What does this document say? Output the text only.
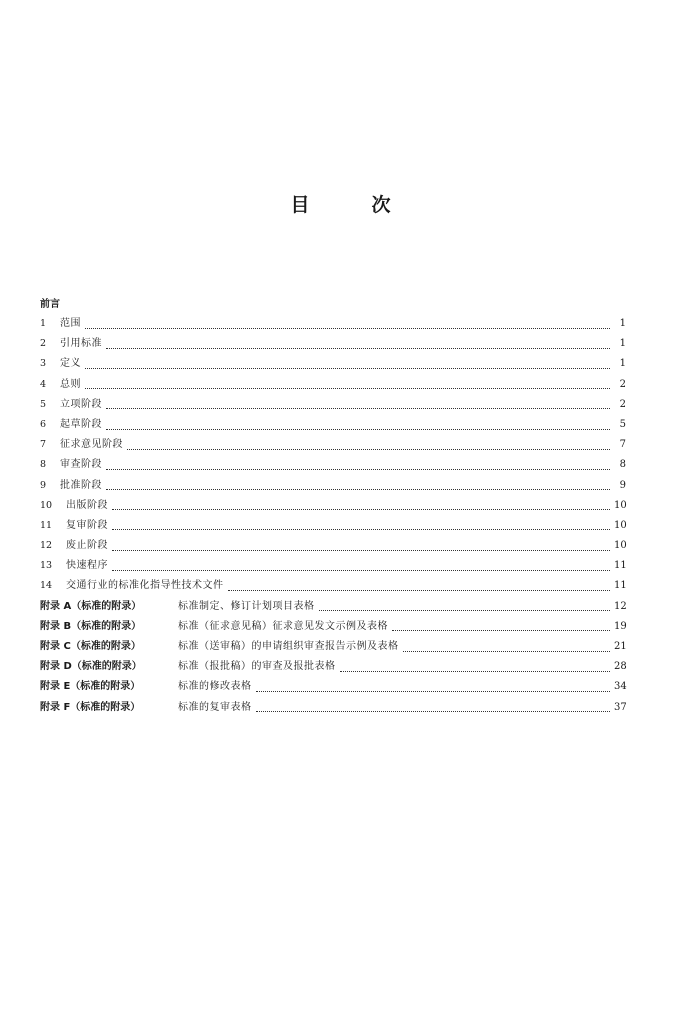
目	次
前言
1	范围	1
2	引用标准	1
3	定义	1
4	总则	2
5	立项阶段	2
6	起草阶段	5
7	征求意见阶段	7
8	审查阶段	8
9	批准阶段	9
10	出版阶段	10
11	复审阶段	10
12	废止阶段	10
13	快速程序	11
14	交通行业的标准化指导性技术文件	11
附录 A（标准的附录）	标准制定、修订计划项目表格	12
附录 B（标准的附录）	标准（征求意见稿）征求意见发文示例及表格	19
附录 C（标准的附录）	标准（送审稿）的申请组织审查报告示例及表格	21
附录 D（标准的附录）	标准（报批稿）的审查及报批表格	28
附录 E（标准的附录）	标准的修改表格	34
附录 F（标准的附录）	标准的复审表格	37
